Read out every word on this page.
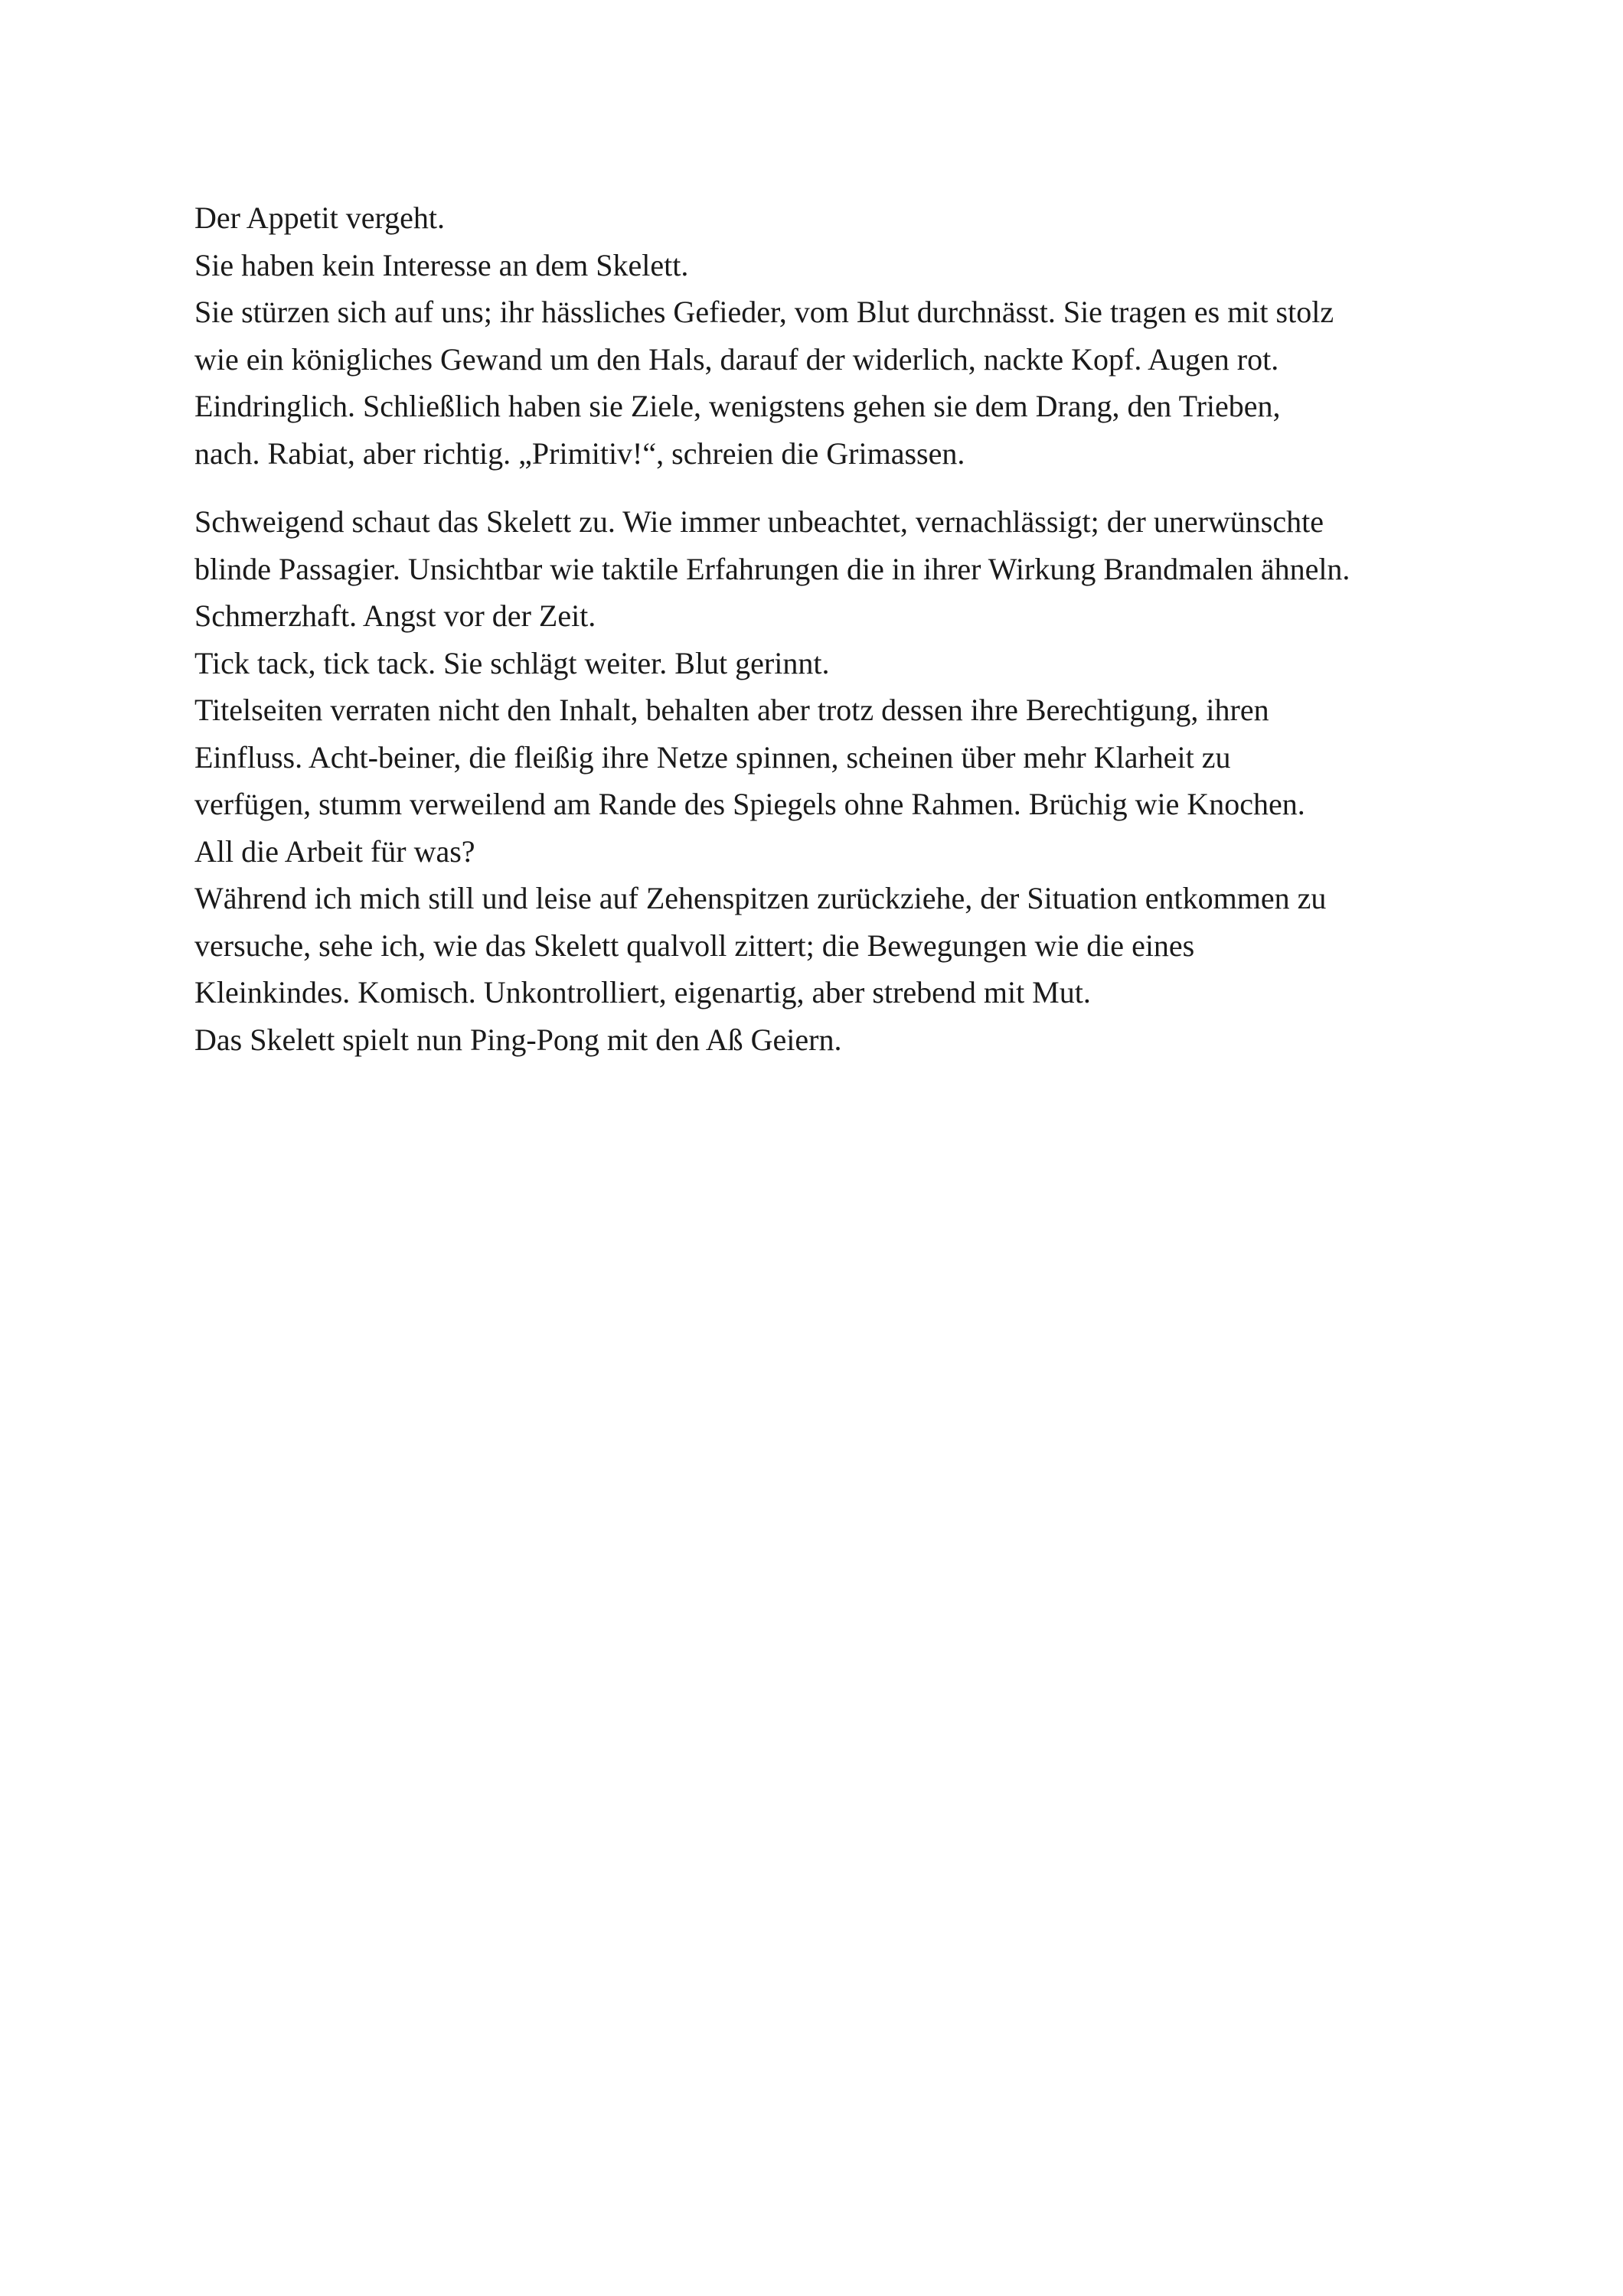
Der Appetit vergeht.
Sie haben kein Interesse an dem Skelett.
Sie stürzen sich auf uns; ihr hässliches Gefieder, vom Blut durchnässt. Sie tragen es mit stolz
wie ein königliches Gewand um den Hals, darauf der widerlich, nackte Kopf. Augen rot.
Eindringlich. Schließlich haben sie Ziele, wenigstens gehen sie dem Drang, den Trieben,
nach. Rabiat, aber richtig. „Primitiv!“, schreien die Grimassen.
Schweigend schaut das Skelett zu. Wie immer unbeachtet, vernachlässigt; der unerwünschte
blinde Passagier. Unsichtbar wie taktile Erfahrungen die in ihrer Wirkung Brandmalen ähneln.
Schmerzhaft. Angst vor der Zeit.
Tick tack, tick tack. Sie schlägt weiter. Blut gerinnt.
Titelseiten verraten nicht den Inhalt, behalten aber trotz dessen ihre Berechtigung, ihren
Einfluss. Acht-beiner, die fleißig ihre Netze spinnen, scheinen über mehr Klarheit zu
verfügen, stumm verweilend am Rande des Spiegels ohne Rahmen. Brüchig wie Knochen.
All die Arbeit für was?
Während ich mich still und leise auf Zehenspitzen zurückziehe, der Situation entkommen zu
versuche, sehe ich, wie das Skelett qualvoll zittert; die Bewegungen wie die eines
Kleinkindes. Komisch. Unkontrolliert, eigenartig, aber strebend mit Mut.
Das Skelett spielt nun Ping-Pong mit den Aß Geiern.
